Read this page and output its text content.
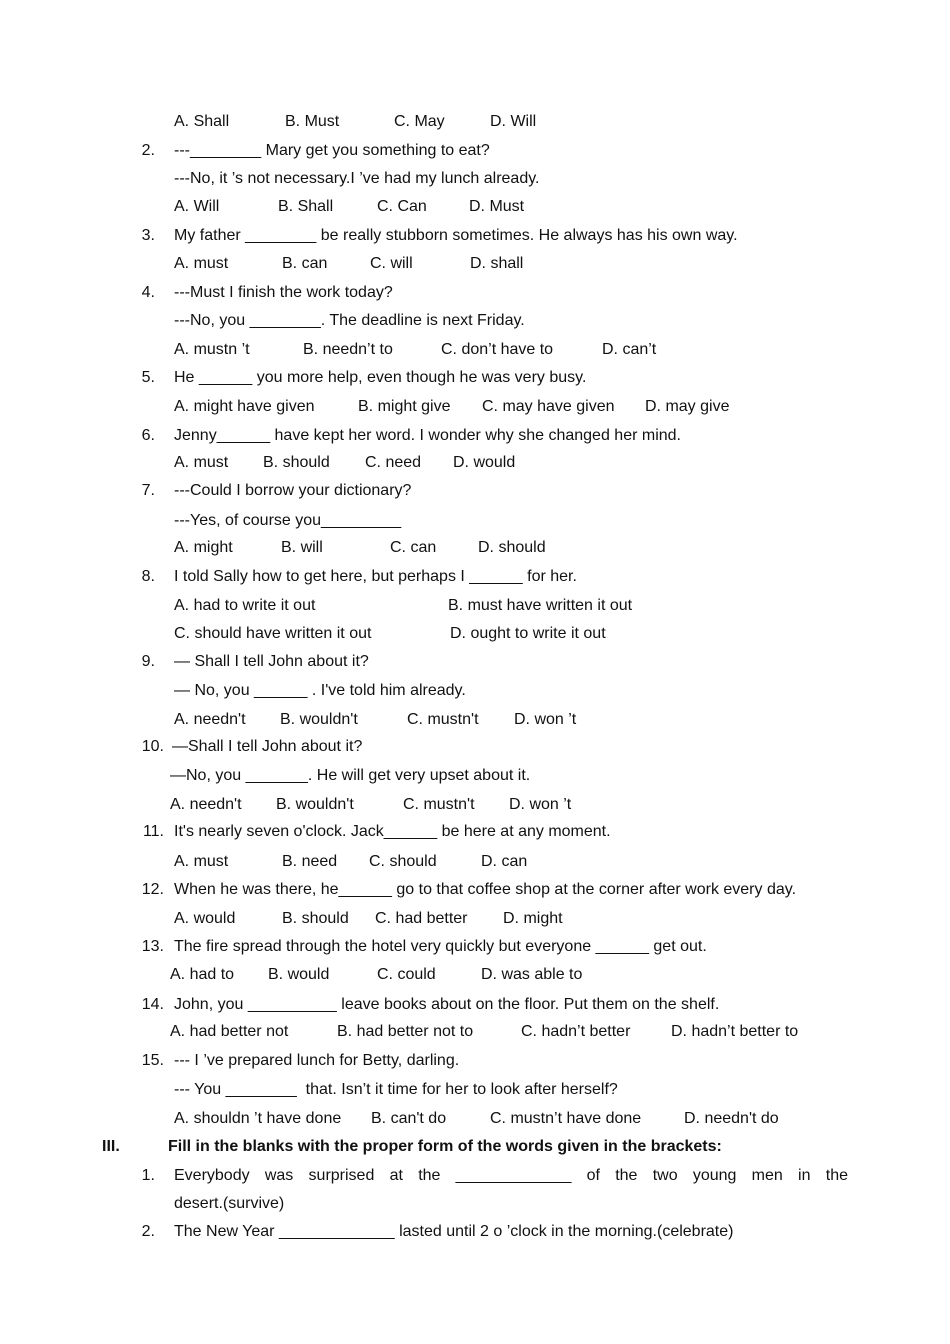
A. Shall	B. Must	C. May	D. Will
2. ---________ Mary get you something to eat?
---No, it ’s not necessary.I ’ve had my lunch already.
A. Will	B. Shall	C. Can	D. Must
3. My father ________ be really stubborn sometimes. He always has his own way.
A. must	B. can	C. will	D. shall
4. ---Must I finish the work today?
---No, you ________. The deadline is next Friday.
A. mustn ’t	B. needn’t to	C. don’t have to	D. can’t
5. He ______ you more help, even though he was very busy.
A. might have given	B. might give C. may have given D. may give
6. Jenny______ have kept her word. I wonder why she changed her mind.
A. must B. should C. need D. would
7. ---Could I borrow your dictionary?
---Yes, of course you_________
A. might	B. will	C. can	D. should
8. I told Sally how to get here, but perhaps I ______ for her.
A. had to write it out	B. must have written it out
C. should have written it out	D. ought to write it out
9. — Shall I tell John about it?
— No, you ______ . I've told him already.
A. needn't B. wouldn't	C. mustn't D. won ’t
10. —Shall I tell John about it?
—No, you _______. He will get very upset about it.
A. needn't B. wouldn't	C. mustn't D. won ’t
11. It's nearly seven o'clock. Jack______ be here at any moment.
A. must	B. need C. should	D. can
12. When he was there, he______ go to that coffee shop at the corner after work every day.
A. would	B. should C. had better D. might
13. The fire spread through the hotel very quickly but everyone ______ get out.
A. had to B. would	C. could	D. was able to
14. John, you __________ leave books about on the floor. Put them on the shelf.
A. had better not	B. had better not to	C. hadn’t better	D. hadn’t better to
15. --- I ’ve prepared lunch for Betty, darling.
--- You ________  that. Isn’t it time for her to look after herself?
A. shouldn ’t have done B. can't do	C. mustn’t have done	D. needn't do
III.	Fill in the blanks with the proper form of the words given in the brackets:
1. Everybody was surprised at the _____________ of the two young men in the
desert.(survive)
2. The New Year _____________ lasted until 2 o ’clock in the morning.(celebrate)
